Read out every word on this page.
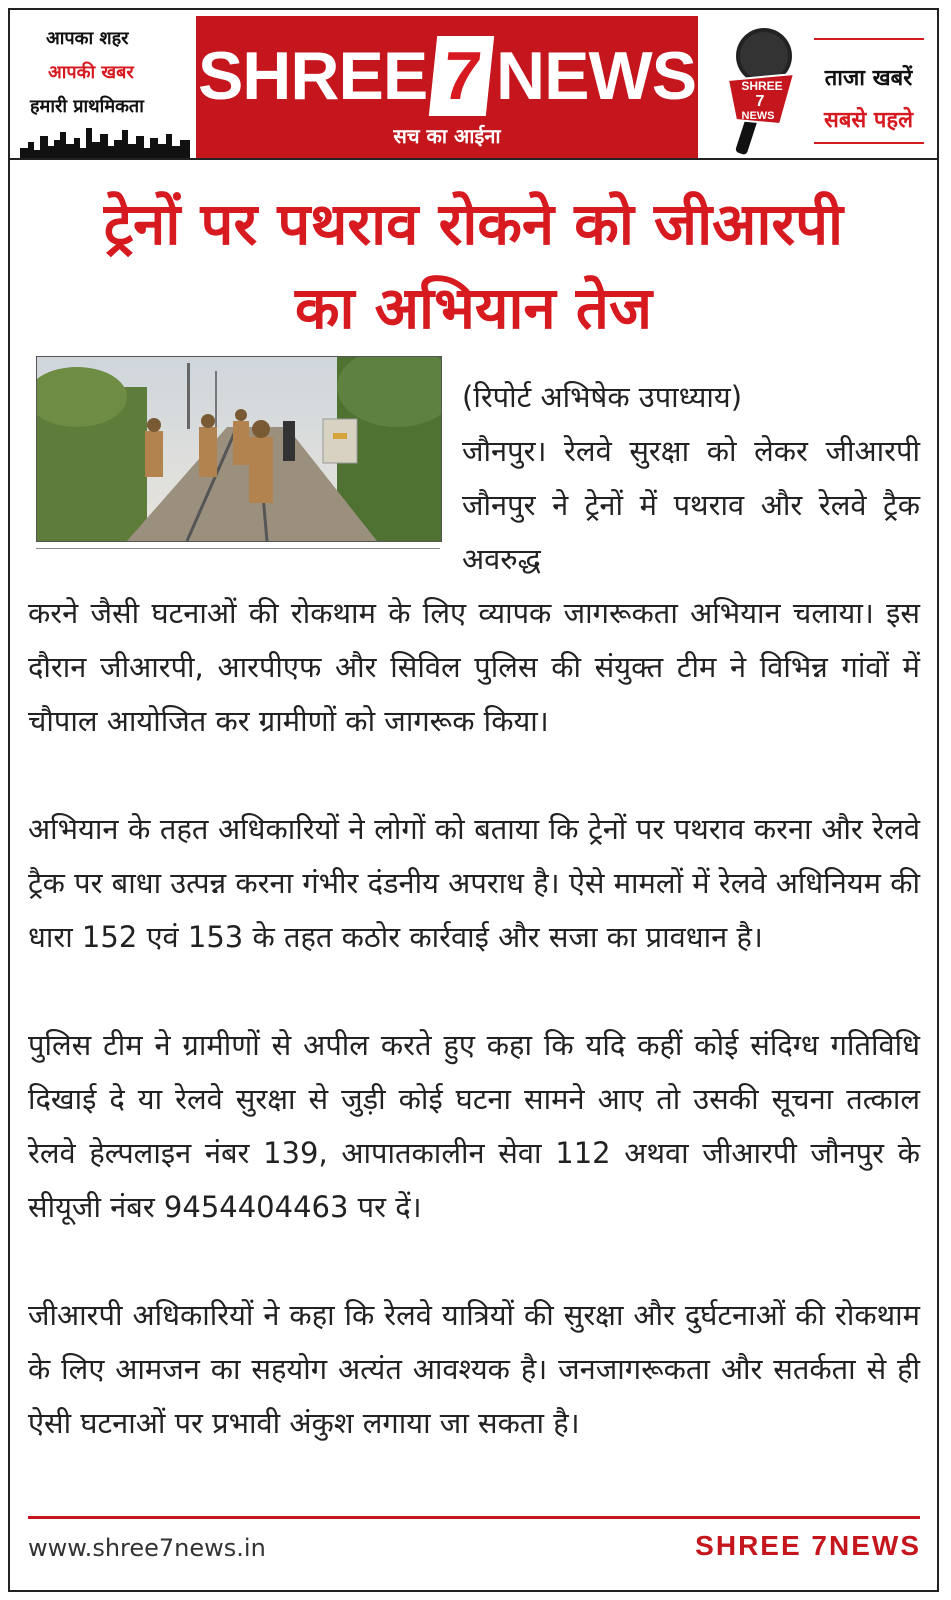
आपका शहर
आपकी खबर
हमारी प्राथमिकता SHREE 7 NEWS
सच का आईना
SHREE
7
NEWS
ताजा खबरें
सबसे पहले
ट्रेनों पर पथराव रोकने को जीआरपी
का अभियान तेज
(रिपोर्ट अभिषेक उपाध्याय)
जौनपुर। रेलवे सुरक्षा को लेकर जीआरपी जौनपुर ने ट्रेनों में पथराव और रेलवे ट्रैक अवरुद्ध
करने जैसी घटनाओं की रोकथाम के लिए व्यापक जागरूकता अभियान चलाया। इस दौरान जीआरपी, आरपीएफ और सिविल पुलिस की संयुक्त टीम ने विभिन्न गांवों में चौपाल आयोजित कर ग्रामीणों को जागरूक किया।
अभियान के तहत अधिकारियों ने लोगों को बताया कि ट्रेनों पर पथराव करना और रेलवे ट्रैक पर बाधा उत्पन्न करना गंभीर दंडनीय अपराध है। ऐसे मामलों में रेलवे अधिनियम की धारा 152 एवं 153 के तहत कठोर कार्रवाई और सजा का प्रावधान है।
पुलिस टीम ने ग्रामीणों से अपील करते हुए कहा कि यदि कहीं कोई संदिग्ध गतिविधि दिखाई दे या रेलवे सुरक्षा से जुड़ी कोई घटना सामने आए तो उसकी सूचना तत्काल रेलवे हेल्पलाइन नंबर 139, आपातकालीन सेवा 112 अथवा जीआरपी जौनपुर के सीयूजी नंबर 9454404463 पर दें।
जीआरपी अधिकारियों ने कहा कि रेलवे यात्रियों की सुरक्षा और दुर्घटनाओं की रोकथाम के लिए आमजन का सहयोग अत्यंत आवश्यक है। जनजागरूकता और सतर्कता से ही ऐसी घटनाओं पर प्रभावी अंकुश लगाया जा सकता है।
www.shree7news.in	SHREE 7NEWS
